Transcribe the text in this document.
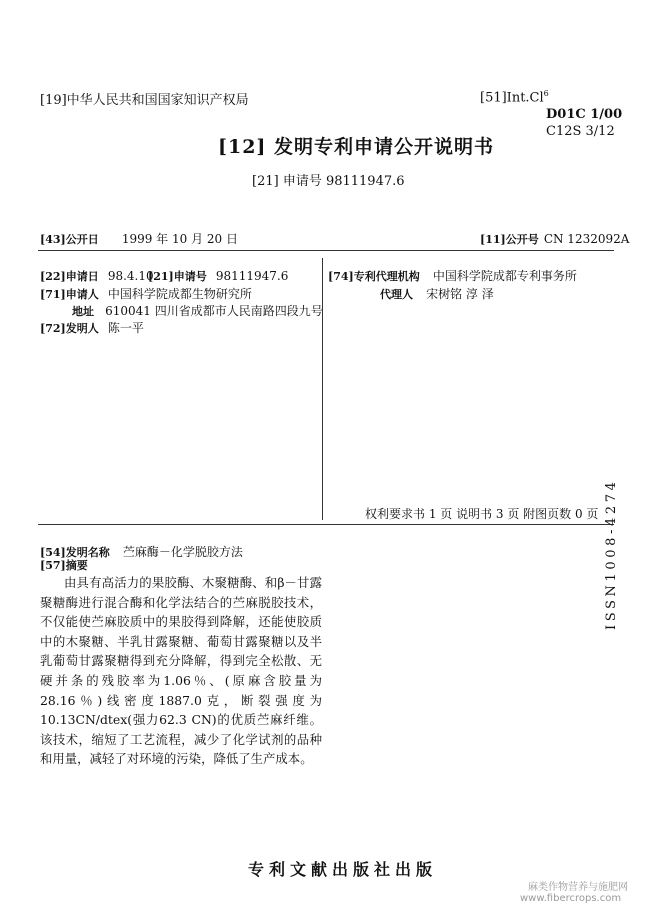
[19]中华人民共和国国家知识产权局	[51]Int.Cl$^6$
D01C 1/00
C12S 3/12
[12] 发明专利申请公开说明书
[21] 申请号 98111947.6
[43]公开日 1999 年 10 月 20 日	[11]公开号 CN 1232092A
[22]申请日 98.4.10
[21]申请号 98111947.6
[71]申请人 中国科学院成都生物研究所
地址 610041 四川省成都市人民南路四段九号
[72]发明人 陈一平
[74]专利代理机构 中国科学院成都专利事务所
代理人 宋树铭 淳 泽
权利要求书 1 页 说明书 3 页 附图页数 0 页
[54]发明名称 苎麻酶－化学脱胶方法
[57]摘要
由具有高活力的果胶酶、木聚糖酶、和β－甘露聚糖酶进行混合酶和化学法结合的苎麻脱胶技术，不仅能使苎麻胶质中的果胶得到降解，还能使胶质中的木聚糖、半乳甘露聚糖、葡萄甘露聚糖以及半乳葡萄甘露聚糖得到充分降解，得到完全松散、无硬并条的残胶率为1.06％、(原麻含胶量为28.16％)线密度1887.0克，断裂强度为10.13CN/dtex(强力62.3 CN)的优质苎麻纤维。该技术，缩短了工艺流程，减少了化学试剂的品种和用量，减轻了对环境的污染，降低了生产成本。
ISSN1008-4274
专利文献出版社出版
麻类作物营养与施肥网
www.fibercrops.com
